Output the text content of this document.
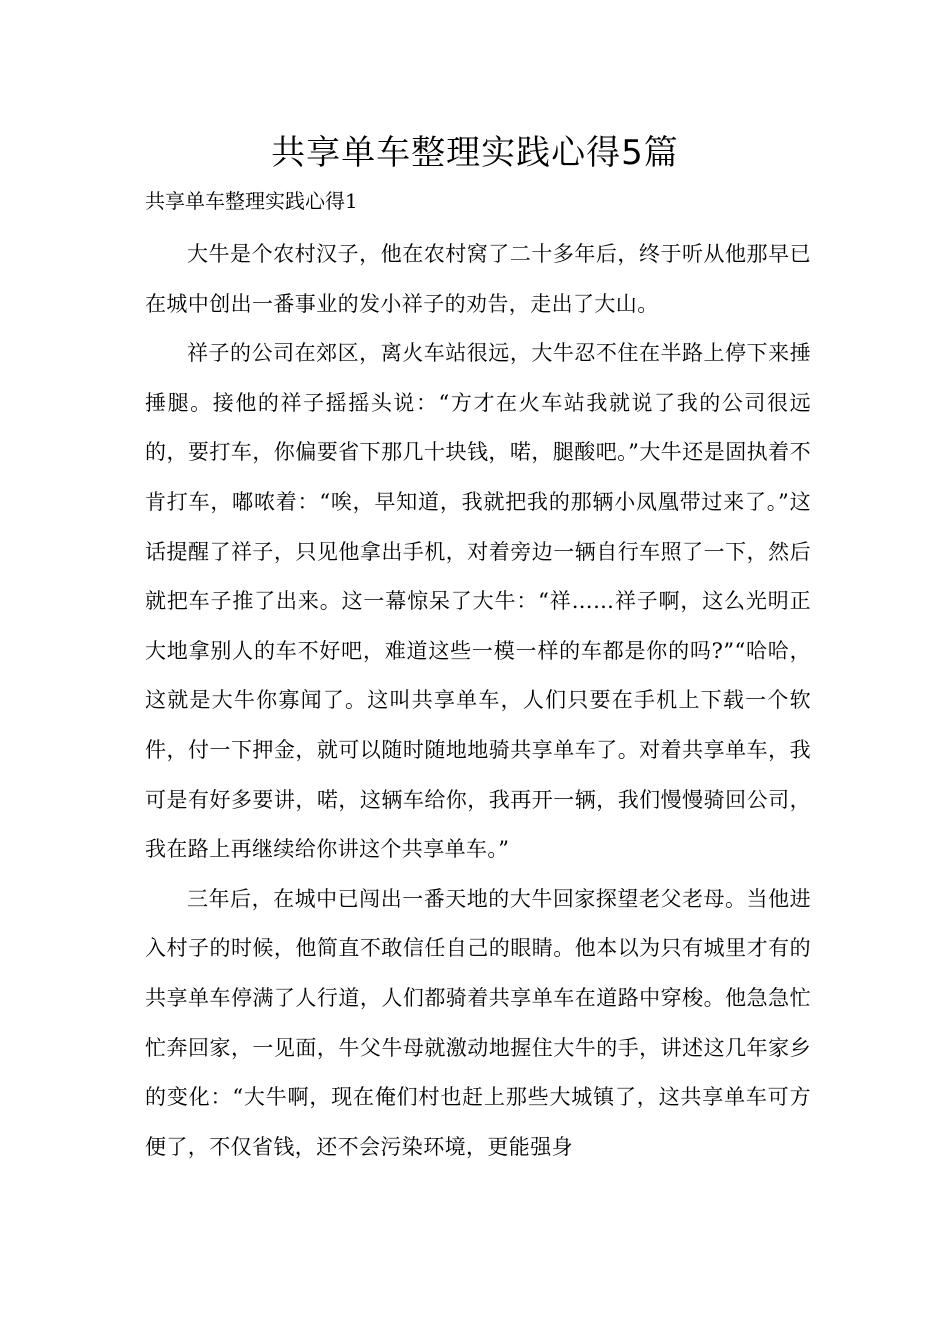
共享单车整理实践心得5篇
共享单车整理实践心得1

大牛是个农村汉子，他在农村窝了二十多年后，终于听从他那早已在城中创出一番事业的发小祥子的劝告，走出了大山。

祥子的公司在郊区，离火车站很远，大牛忍不住在半路上停下来捶捶腿。接他的祥子摇摇头说：“方才在火车站我就说了我的公司很远的，要打车，你偏要省下那几十块钱，喏，腿酸吧。”大牛还是固执着不肯打车，嘟哝着：“唉，早知道，我就把我的那辆小凤凰带过来了。”这话提醒了祥子，只见他拿出手机，对着旁边一辆自行车照了一下，然后就把车子推了出来。这一幕惊呆了大牛：“祥……祥子啊，这么光明正大地拿别人的车不好吧，难道这些一模一样的车都是你的吗?”“哈哈，这就是大牛你寡闻了。这叫共享单车，人们只要在手机上下载一个软件，付一下押金，就可以随时随地地骑共享单车了。对着共享单车，我可是有好多要讲，喏，这辆车给你，我再开一辆，我们慢慢骑回公司，我在路上再继续给你讲这个共享单车。”

三年后，在城中已闯出一番天地的大牛回家探望老父老母。当他进入村子的时候，他简直不敢信任自己的眼睛。他本以为只有城里才有的共享单车停满了人行道，人们都骑着共享单车在道路中穿梭。他急急忙忙奔回家，一见面，牛父牛母就激动地握住大牛的手，讲述这几年家乡的变化：“大牛啊，现在俺们村也赶上那些大城镇了，这共享单车可方便了，不仅省钱，还不会污染环境，更能强身
